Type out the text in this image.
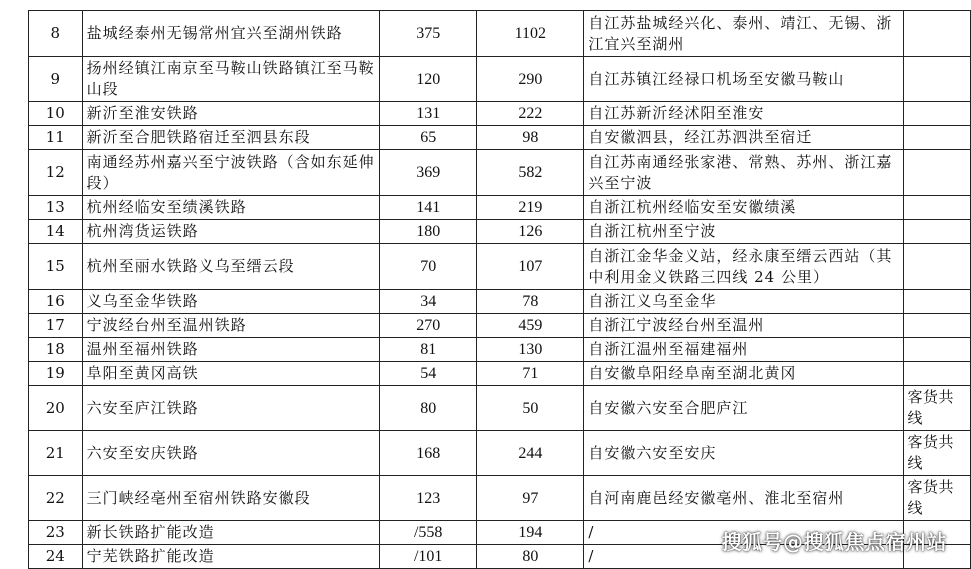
8	盐城经泰州无锡常州宜兴至湖州铁路	375	1102	自江苏盐城经兴化、泰州、靖江、无锡、浙江宜兴至湖州	
9	扬州经镇江南京至马鞍山铁路镇江至马鞍山段	120	290	自江苏镇江经禄口机场至安徽马鞍山	
10	新沂至淮安铁路	131	222	自江苏新沂经沭阳至淮安	
11	新沂至合肥铁路宿迁至泗县东段	65	98	自安徽泗县，经江苏泗洪至宿迁	
12	南通经苏州嘉兴至宁波铁路（含如东延伸段）	369	582	自江苏南通经张家港、常熟、苏州、浙江嘉兴至宁波	
13	杭州经临安至绩溪铁路	141	219	自浙江杭州经临安至安徽绩溪	
14	杭州湾货运铁路	180	126	自浙江杭州至宁波	
15	杭州至丽水铁路义乌至缙云段	70	107	自浙江金华金义站，经永康至缙云西站（其中利用金义铁路三四线 24 公里）	
16	义乌至金华铁路	34	78	自浙江义乌至金华	
17	宁波经台州至温州铁路	270	459	自浙江宁波经台州至温州	
18	温州至福州铁路	81	130	自浙江温州至福建福州	
19	阜阳至黄冈高铁	54	71	自安徽阜阳经阜南至湖北黄冈	
20	六安至庐江铁路	80	50	自安徽六安至合肥庐江	客货共线
21	六安至安庆铁路	168	244	自安徽六安至安庆	客货共线
22	三门峡经亳州至宿州铁路安徽段	123	97	自河南鹿邑经安徽亳州、淮北至宿州	客货共线
23	新长铁路扩能改造	/558	194	/	
24	宁芜铁路扩能改造	/101	80	/	
搜狐号@搜狐焦点宿州站
